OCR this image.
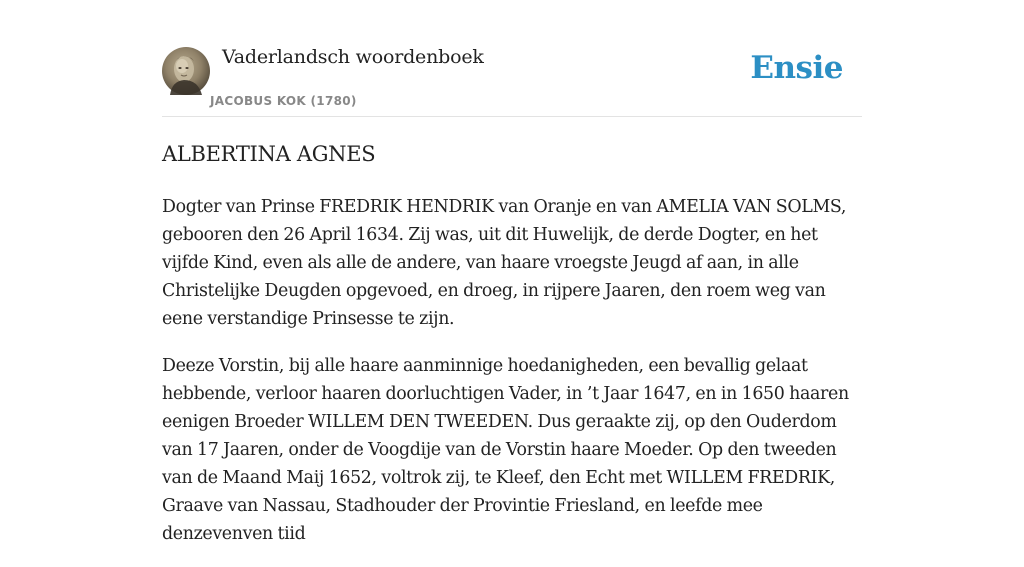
Vaderlandsch woordenboek
JACOBUS KOK (1780)
Ensie
ALBERTINA AGNES

Dogter van Prinse FREDRIK HENDRIK van Oranje en van AMELIA VAN SOLMS, gebooren den 26 April 1634. Zij was, uit dit Huwelijk, de derde Dogter, en het vijfde Kind, even als alle de andere, van haare vroegste Jeugd af aan, in alle Christelijke Deugden opgevoed, en droeg, in rijpere Jaaren, den roem weg van eene verstandige Prinsesse te zijn.

Deeze Vorstin, bij alle haare aanminnige hoedanigheden, een bevallig gelaat hebbende, verloor haaren doorluchtigen Vader, in ’t Jaar 1647, en in 1650 haaren eenigen Broeder WILLEM DEN TWEEDEN. Dus geraakte zij, op den Ouderdom van 17 Jaaren, onder de Voogdije van de Vorstin haare Moeder. Op den tweeden van de Maand Maij 1652, voltrok zij, te Kleef, den Echt met WILLEM FREDRIK, Graave van Nassau, Stadhouder der Provintie Friesland, en leefde mee denzevenven tiid
